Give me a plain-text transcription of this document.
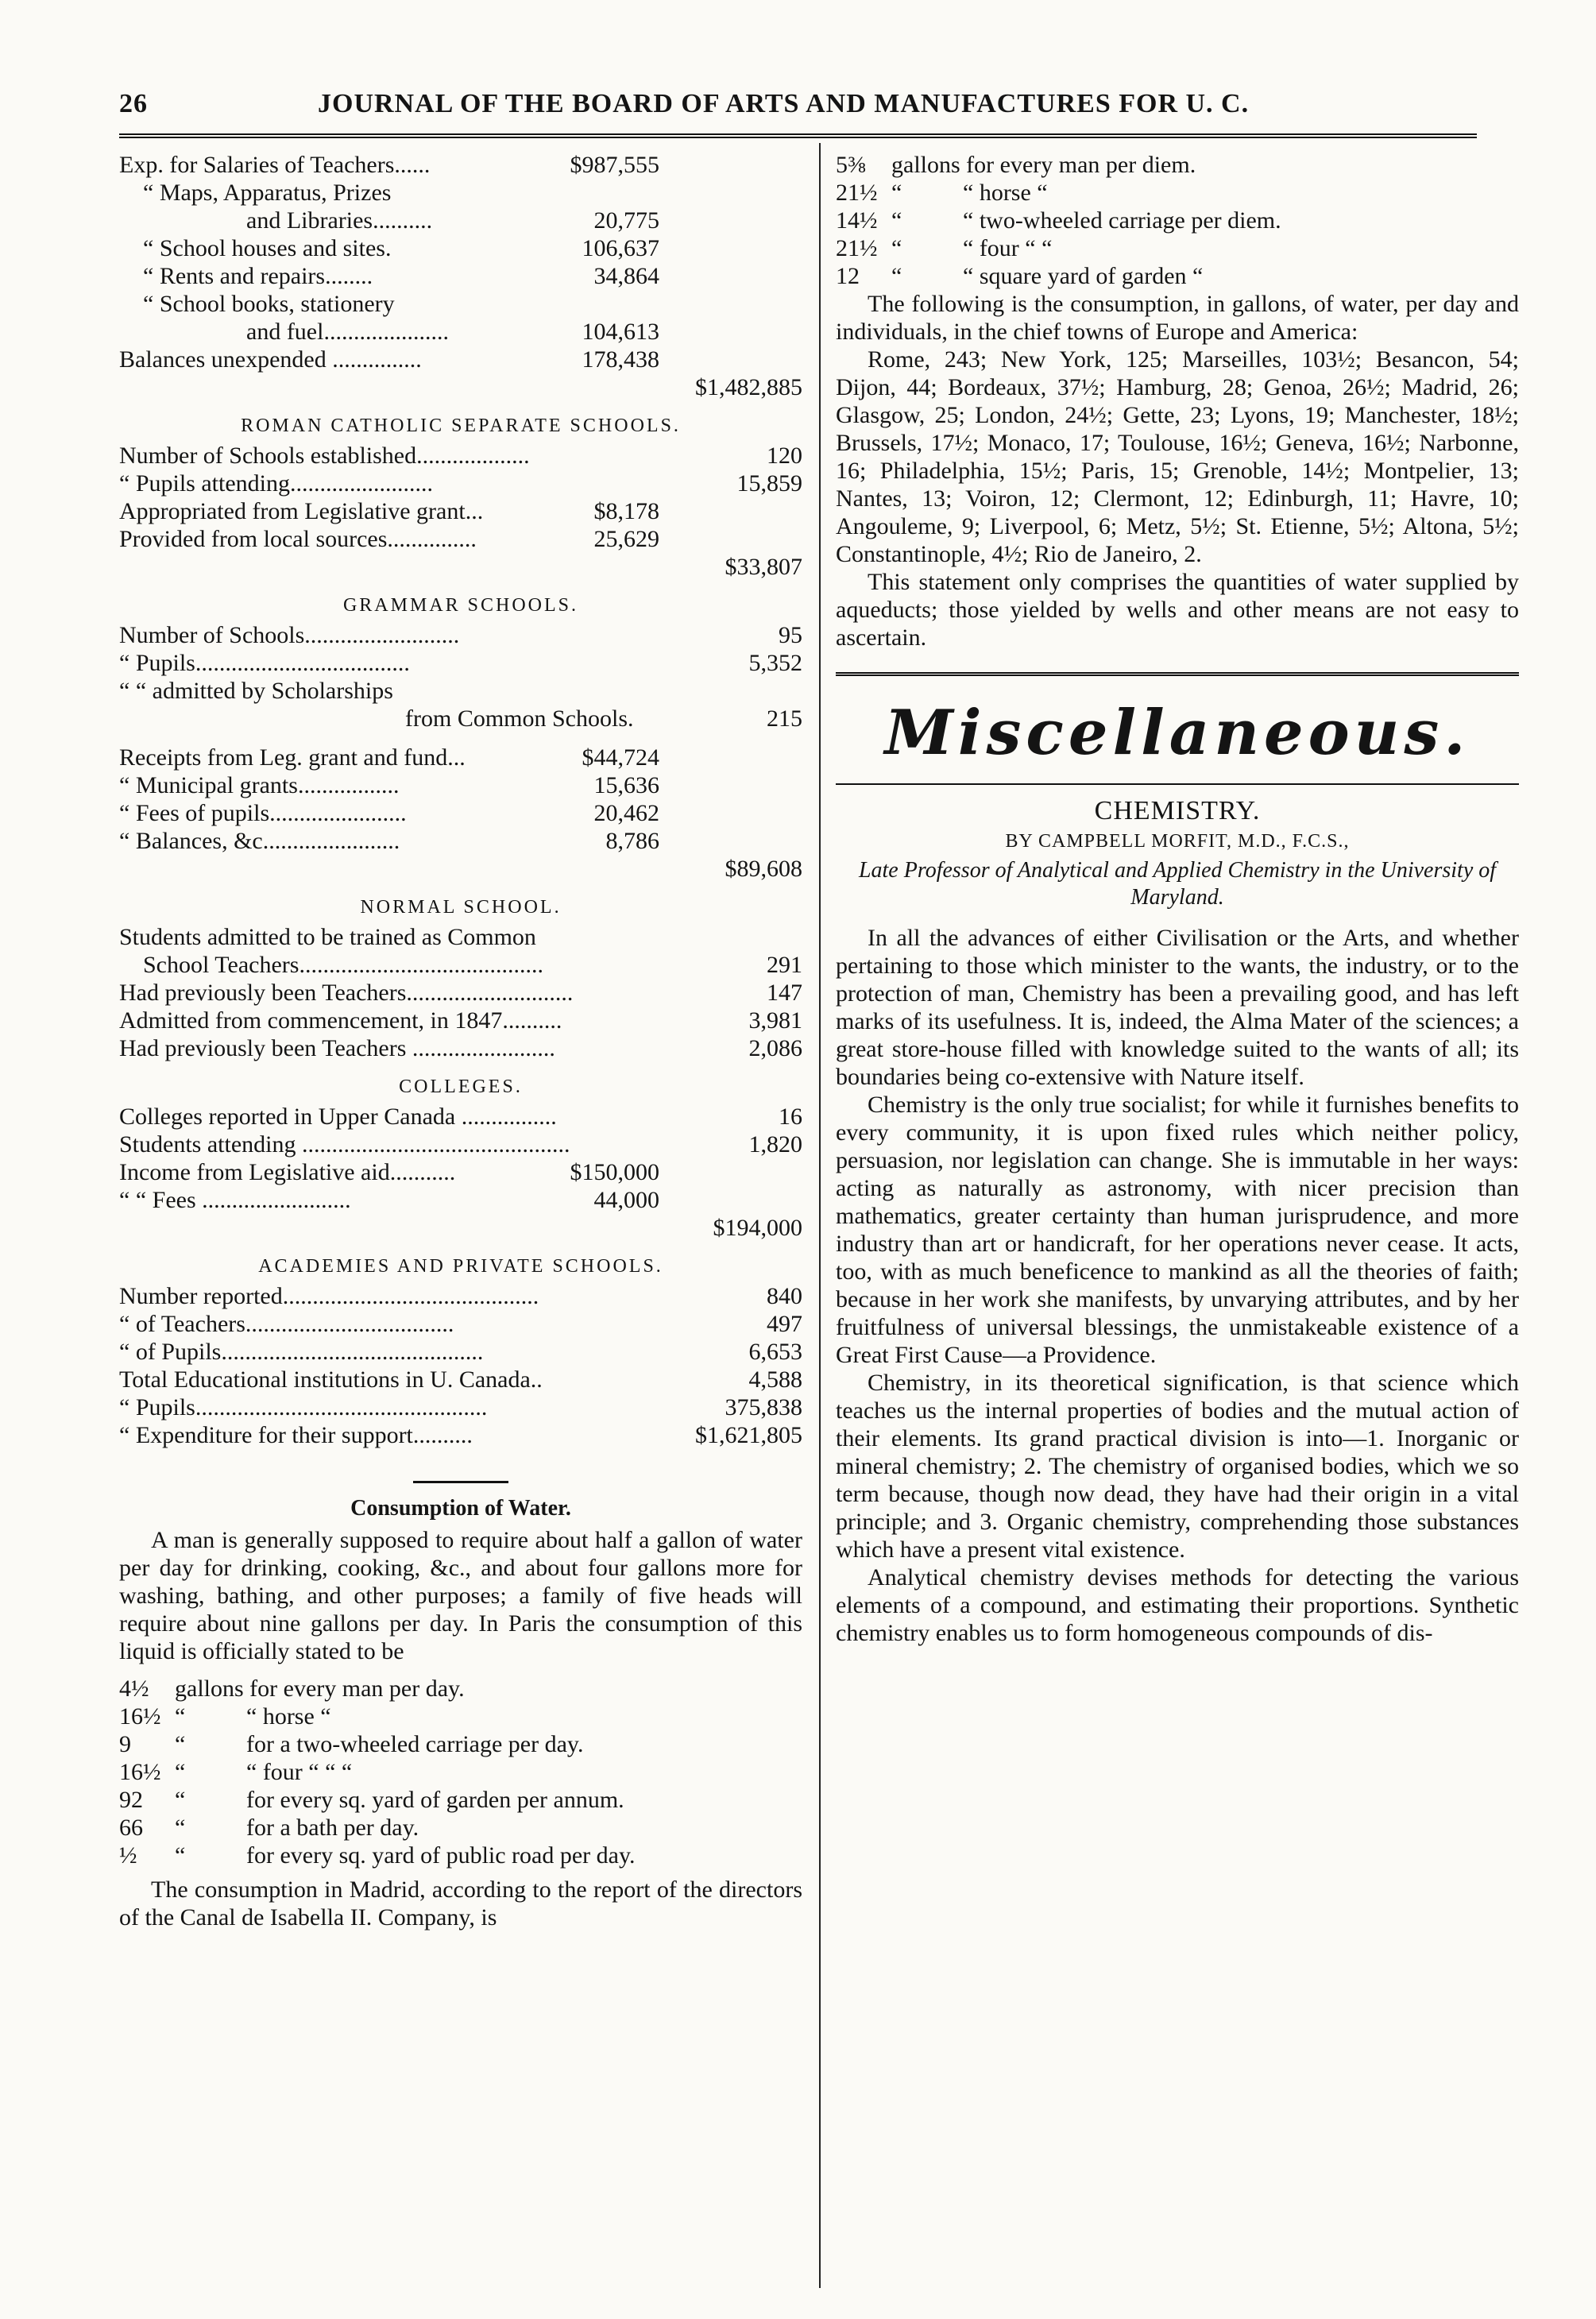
26	JOURNAL OF THE BOARD OF ARTS AND MANUFACTURES FOR U. C.
Exp. for Salaries of Teachers......	$987,555
“ Maps, Apparatus, Prizes
and Libraries..........	20,775
“ School houses and sites.	106,637
“ Rents and repairs........	34,864
“ School books, stationery
and fuel.....................	104,613
Balances unexpended ...............	178,438
$1,482,885
ROMAN CATHOLIC SEPARATE SCHOOLS.
Number of Schools established...................	120
“ Pupils attending........................	15,859
Appropriated from Legislative grant...	$8,178
Provided from local sources...............	25,629
$33,807
GRAMMAR SCHOOLS.
Number of Schools..........................	95
“ Pupils....................................	5,352
“ “ admitted by Scholarships
from Common Schools.	215
Receipts from Leg. grant and fund...	$44,724
“ Municipal grants.................	15,636
“ Fees of pupils.......................	20,462
“ Balances, &c.......................	8,786
$89,608
NORMAL SCHOOL.
Students admitted to be trained as Common
School Teachers.........................................	291
Had previously been Teachers............................	147
Admitted from commencement, in 1847..........	3,981
Had previously been Teachers ........................	2,086
COLLEGES.
Colleges reported in Upper Canada ................	16
Students attending .............................................	1,820
Income from Legislative aid...........	$150,000
“ “ Fees .........................	44,000
$194,000
ACADEMIES AND PRIVATE SCHOOLS.
Number reported...........................................	840
“ of Teachers...................................	497
“ of Pupils............................................	6,653
Total Educational institutions in U. Canada..	4,588
“ Pupils.................................................	375,838
“ Expenditure for their support..........	$1,621,805
Consumption of Water.

A man is generally supposed to require about half a gallon of water per day for drinking, cooking, &c., and about four gallons more for washing, bathing, and other purposes; a family of five heads will require about nine gallons per day. In Paris the consumption of this liquid is officially stated to be

4½ gallons for every man per day.
16½ “	“ horse “
9 “	for a two-wheeled carriage per day.
16½ “	“ four “ “ “
92 “	for every sq. yard of garden per annum.
66 “	for a bath per day.
½ “	for every sq. yard of public road per day.

The consumption in Madrid, according to the report of the directors of the Canal de Isabella II. Company, is

5⅜ gallons for every man per diem.
21½ “	“ horse “
14½ “	“ two-wheeled carriage per diem.
21½ “	“ four “ “
12 “	“ square yard of garden “

The following is the consumption, in gallons, of water, per day and individuals, in the chief towns of Europe and America:

Rome, 243; New York, 125; Marseilles, 103½; Besancon, 54; Dijon, 44; Bordeaux, 37½; Hamburg, 28; Genoa, 26½; Madrid, 26; Glasgow, 25; London, 24½; Gette, 23; Lyons, 19; Manchester, 18½; Brussels, 17½; Monaco, 17; Toulouse, 16½; Geneva, 16½; Narbonne, 16; Philadelphia, 15½; Paris, 15; Grenoble, 14½; Montpelier, 13; Nantes, 13; Voiron, 12; Clermont, 12; Edinburgh, 11; Havre, 10; Angouleme, 9; Liverpool, 6; Metz, 5½; St. Etienne, 5½; Altona, 5½; Constantinople, 4½; Rio de Janeiro, 2.

This statement only comprises the quantities of water supplied by aqueducts; those yielded by wells and other means are not easy to ascertain.

Miscellaneous.
CHEMISTRY.
BY CAMPBELL MORFIT, M.D., F.C.S.,
Late Professor of Analytical and Applied Chemistry in the University of Maryland.

In all the advances of either Civilisation or the Arts, and whether pertaining to those which minister to the wants, the industry, or to the protection of man, Chemistry has been a prevailing good, and has left marks of its usefulness. It is, indeed, the Alma Mater of the sciences; a great store-house filled with knowledge suited to the wants of all; its boundaries being co-extensive with Nature itself.

Chemistry is the only true socialist; for while it furnishes benefits to every community, it is upon fixed rules which neither policy, persuasion, nor legislation can change. She is immutable in her ways: acting as naturally as astronomy, with nicer precision than mathematics, greater certainty than human jurisprudence, and more industry than art or handicraft, for her operations never cease. It acts, too, with as much beneficence to mankind as all the theories of faith; because in her work she manifests, by unvarying attributes, and by her fruitfulness of universal blessings, the unmistakeable existence of a Great First Cause—a Providence.

Chemistry, in its theoretical signification, is that science which teaches us the internal properties of bodies and the mutual action of their elements. Its grand practical division is into—1. Inorganic or mineral chemistry; 2. The chemistry of organised bodies, which we so term because, though now dead, they have had their origin in a vital principle; and 3. Organic chemistry, comprehending those substances which have a present vital existence.

Analytical chemistry devises methods for detecting the various elements of a compound, and estimating their proportions. Synthetic chemistry enables us to form homogeneous compounds of dis-
